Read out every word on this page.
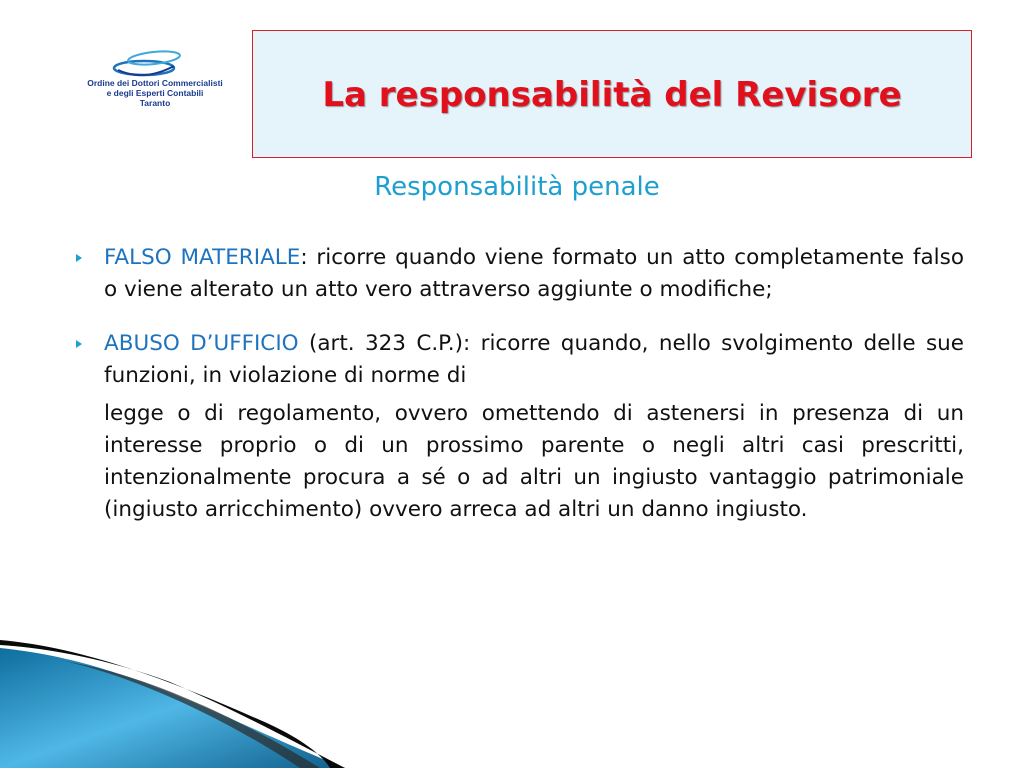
Ordine dei Dottori Commercialisti
e degli Esperti Contabili
Taranto	La responsabilità del Revisore
Responsabilità penale
FALSO MATERIALE: ricorre quando viene formato un atto completamente falso o viene alterato un atto vero attraverso aggiunte o modifiche;
ABUSO D’UFFICIO (art. 323 C.P.): ricorre quando, nello svolgimento delle sue funzioni, in violazione di norme di
legge o di regolamento, ovvero omettendo di astenersi in presenza di un interesse proprio o di un prossimo parente o negli altri casi prescritti, intenzionalmente procura a sé o ad altri un ingiusto vantaggio patrimoniale (ingiusto arricchimento) ovvero arreca ad altri un danno ingiusto.
